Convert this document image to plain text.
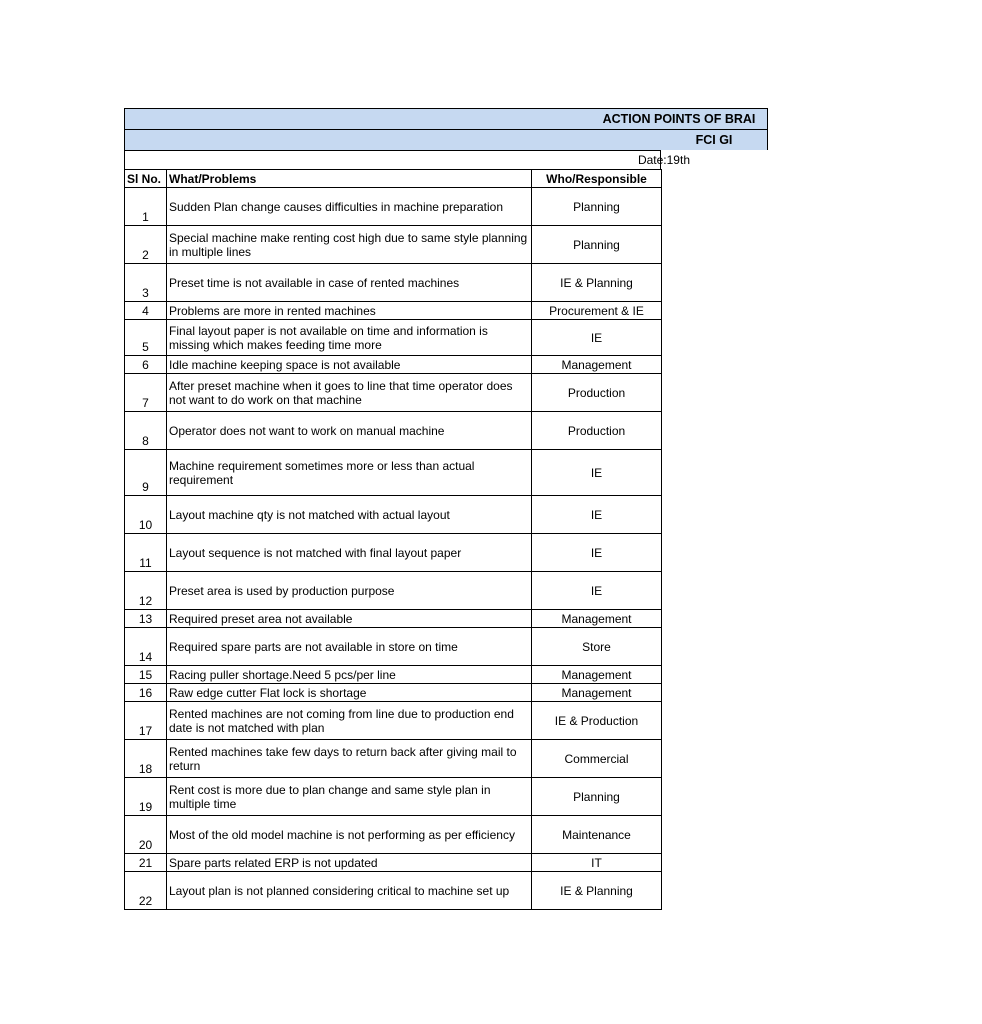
ACTION POINTS OF BRAI
FCI GI
Date:19th
Sl No.	What/Problems	Who/Responsible
1	Sudden Plan change causes difficulties in machine preparation	Planning
2	Special machine make renting cost high due to same style planning in multiple lines	Planning
3	Preset time is not available in case of rented machines	IE & Planning
4	Problems are more in rented machines	Procurement & IE
5	Final layout paper is not available on time and information is missing which makes feeding time more	IE
6	Idle machine keeping space is not available	Management
7	After preset machine when it goes to line that time operator does not want to do work on that machine	Production
8	Operator does not want to work on manual machine	Production
9	Machine requirement sometimes more or less than actual requirement	IE
10	Layout machine qty is not matched with actual layout	IE
11	Layout sequence is not matched with final layout paper	IE
12	Preset area is used by production purpose	IE
13	Required preset area not available	Management
14	Required spare parts are not available in store on time	Store
15	Racing puller shortage.Need 5 pcs/per line	Management
16	Raw edge cutter Flat lock is shortage	Management
17	Rented machines are not coming from line due to production end date is not matched with plan	IE & Production
18	Rented machines take few days to return back after giving mail to return	Commercial
19	Rent cost is more due to plan change and same style plan in multiple time	Planning
20	Most of the old model machine is not performing as per efficiency	Maintenance
21	Spare parts related ERP is not updated	IT
22	Layout plan is not planned considering critical to machine set up	IE & Planning
